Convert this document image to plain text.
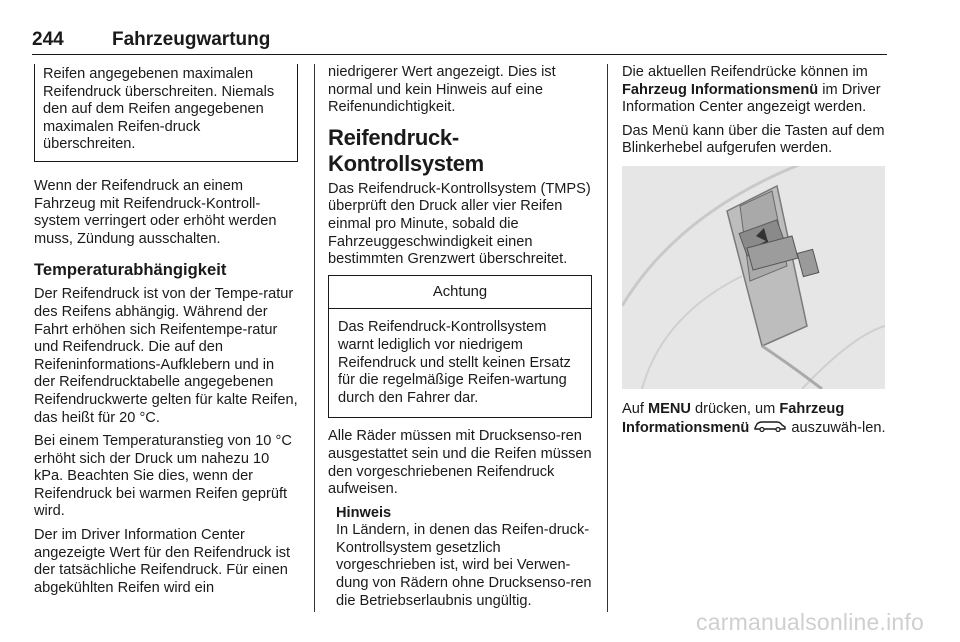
244	Fahrzeugwartung
Reifen angegebenen maximalen Reifendruck überschreiten. Niemals den auf dem Reifen angegebenen maximalen Reifen-druck überschreiten.

Wenn der Reifendruck an einem Fahrzeug mit Reifendruck-Kontroll-system verringert oder erhöht werden muss, Zündung ausschalten.

Temperaturabhängigkeit

Der Reifendruck ist von der Tempe-ratur des Reifens abhängig. Während der Fahrt erhöhen sich Reifentempe-ratur und Reifendruck. Die auf den Reifeninformations-Aufklebern und in der Reifendrucktabelle angegebenen Reifendruckwerte gelten für kalte Reifen, das heißt für 20 °C.

Bei einem Temperaturanstieg von 10 °C erhöht sich der Druck um nahezu 10 kPa. Beachten Sie dies, wenn der Reifendruck bei warmen Reifen geprüft wird.

Der im Driver Information Center angezeigte Wert für den Reifendruck ist der tatsächliche Reifendruck. Für einen abgekühlten Reifen wird ein

niedrigerer Wert angezeigt. Dies ist normal und kein Hinweis auf eine Reifenundichtigkeit.

Reifendruck-Kontrollsystem

Das Reifendruck-Kontrollsystem (TMPS) überprüft den Druck aller vier Reifen einmal pro Minute, sobald die Fahrzeuggeschwindigkeit einen bestimmten Grenzwert überschreitet.

Achtung
Das Reifendruck-Kontrollsystem warnt lediglich vor niedrigem Reifendruck und stellt keinen Ersatz für die regelmäßige Reifen-wartung durch den Fahrer dar.

Alle Räder müssen mit Drucksenso-ren ausgestattet sein und die Reifen müssen den vorgeschriebenen Reifendruck aufweisen.

Hinweis
In Ländern, in denen das Reifen-druck-Kontrollsystem gesetzlich vorgeschrieben ist, wird bei Verwen-dung von Rädern ohne Drucksenso-ren die Betriebserlaubnis ungültig.

Die aktuellen Reifendrücke können im Fahrzeug Informationsmenü im Driver Information Center angezeigt werden.

Das Menü kann über die Tasten auf dem Blinkerhebel aufgerufen werden.

Auf MENU drücken, um Fahrzeug Informationsmenü	auszuwäh-len.

carmanualsonline.info
